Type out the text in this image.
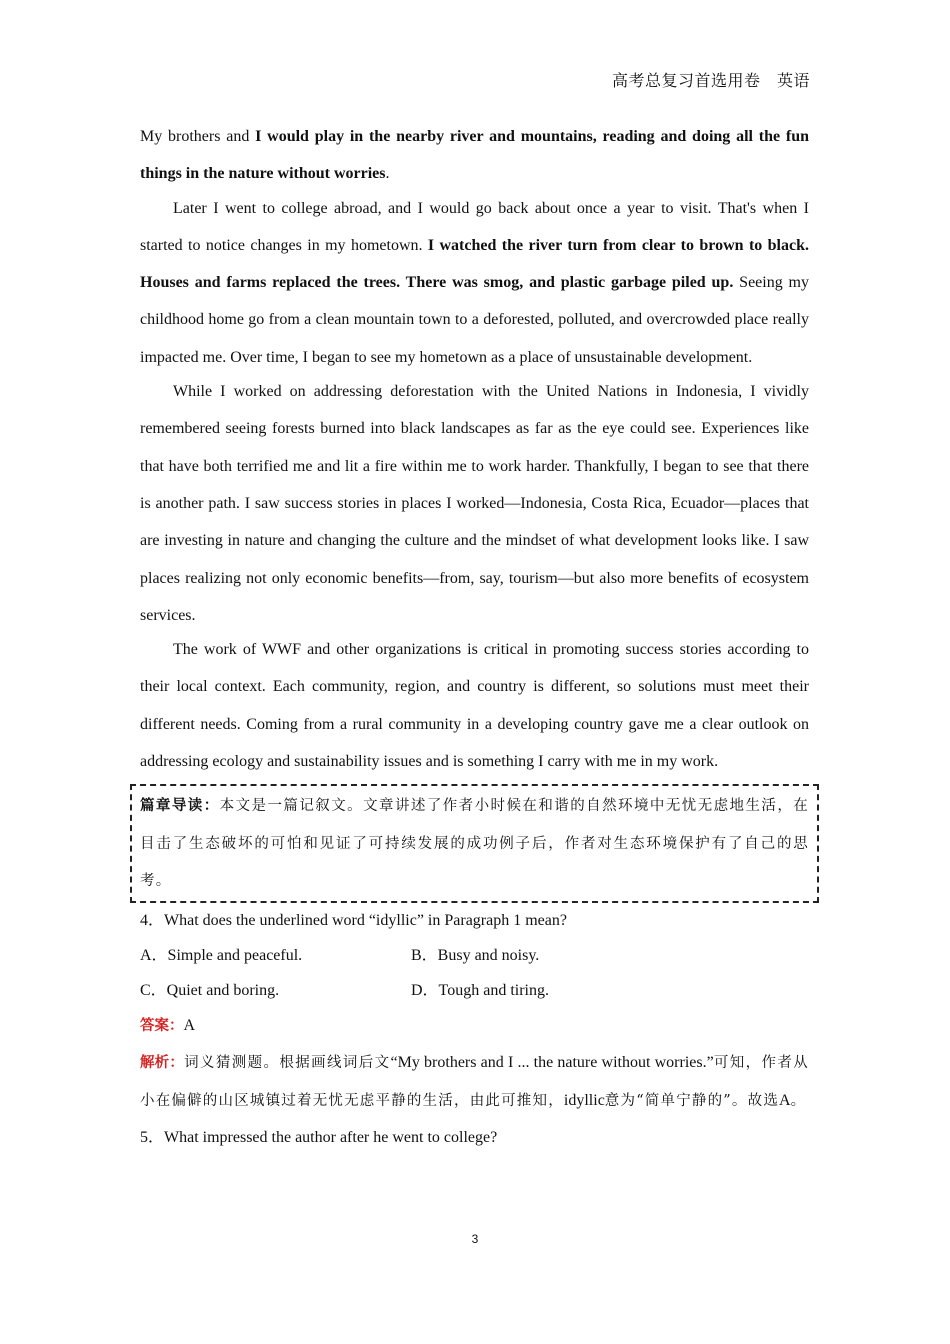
高考总复习首选用卷　英语

My brothers and I would play in the nearby river and mountains, reading and doing all the fun things in the nature without worries.

Later I went to college abroad, and I would go back about once a year to visit. That's when I started to notice changes in my hometown. I watched the river turn from clear to brown to black. Houses and farms replaced the trees. There was smog, and plastic garbage piled up. Seeing my childhood home go from a clean mountain town to a deforested, polluted, and overcrowded place really impacted me. Over time, I began to see my hometown as a place of unsustainable development.

While I worked on addressing deforestation with the United Nations in Indonesia, I vividly remembered seeing forests burned into black landscapes as far as the eye could see. Experiences like that have both terrified me and lit a fire within me to work harder. Thankfully, I began to see that there is another path. I saw success stories in places I worked—Indonesia, Costa Rica, Ecuador—places that are investing in nature and changing the culture and the mindset of what development looks like. I saw places realizing not only economic benefits—from, say, tourism—but also more benefits of ecosystem services.

The work of WWF and other organizations is critical in promoting success stories according to their local context. Each community, region, and country is different, so solutions must meet their different needs. Coming from a rural community in a developing country gave me a clear outlook on addressing ecology and sustainability issues and is something I carry with me in my work.

篇章导读：本文是一篇记叙文。文章讲述了作者小时候在和谐的自然环境中无忧无虑地生活，在目击了生态破坏的可怕和见证了可持续发展的成功例子后，作者对生态环境保护有了自己的思考。

4．What does the underlined word “idyllic” in Paragraph 1 mean?

A．Simple and peaceful.	B．Busy and noisy.
C．Quiet and boring.	D．Tough and tiring.

答案：A

解析：词义猜测题。根据画线词后文“My brothers and I ... the nature without worries.”可知，作者从小在偏僻的山区城镇过着无忧无虑平静的生活，由此可推知，idyllic意为“简单宁静的”。故选A。

5．What impressed the author after he went to college?

3
